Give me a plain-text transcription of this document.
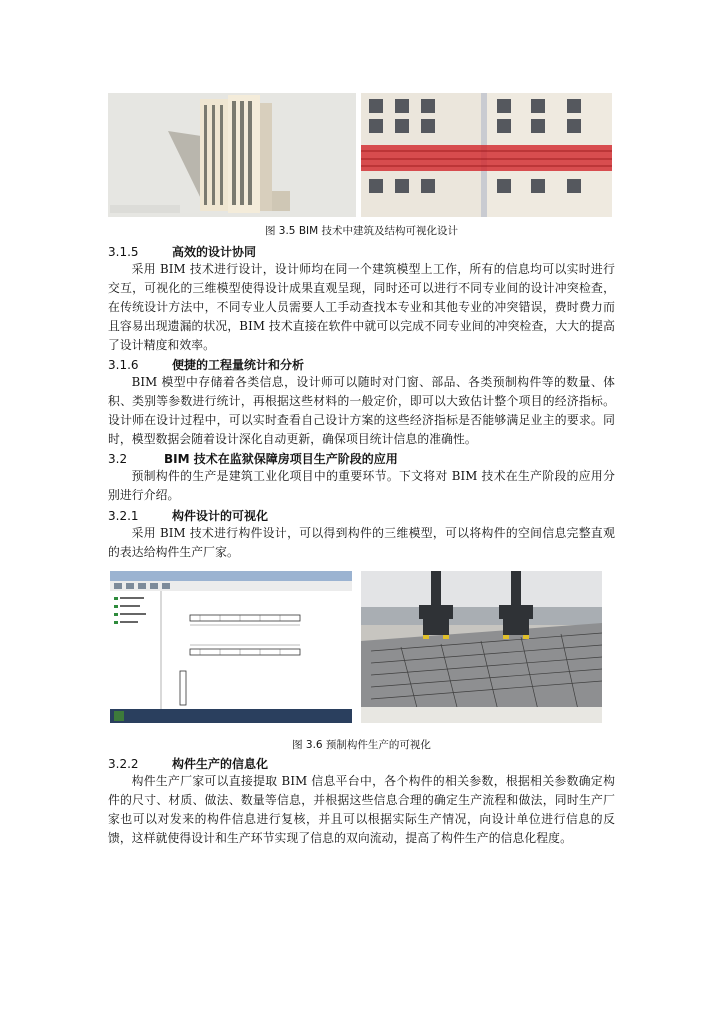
图 3.5 BIM 技术中建筑及结构可视化设计
3.1.5	高效的设计协同

采用 BIM 技术进行设计，设计师均在同一个建筑模型上工作，所有的信息均可以实时进行交互，可视化的三维模型使得设计成果直观呈现，同时还可以进行不同专业间的设计冲突检查，在传统设计方法中，不同专业人员需要人工手动查找本专业和其他专业的冲突错误，费时费力而且容易出现遗漏的状况，BIM 技术直接在软件中就可以完成不同专业间的冲突检查，大大的提高了设计精度和效率。

3.1.6	便捷的工程量统计和分析

BIM 模型中存储着各类信息，设计师可以随时对门窗、部品、各类预制构件等的数量、体积、类别等参数进行统计，再根据这些材料的一般定价，即可以大致估计整个项目的经济指标。设计师在设计过程中，可以实时查看自己设计方案的这些经济指标是否能够满足业主的要求。同时，模型数据会随着设计深化自动更新，确保项目统计信息的准确性。

3.2	BIM 技术在监狱保障房项目生产阶段的应用

预制构件的生产是建筑工业化项目中的重要环节。下文将对 BIM 技术在生产阶段的应用分别进行介绍。

3.2.1	构件设计的可视化

采用 BIM 技术进行构件设计，可以得到构件的三维模型，可以将构件的空间信息完整直观的表达给构件生产厂家。

图 3.6 预制构件生产的可视化
3.2.2	构件生产的信息化

构件生产厂家可以直接提取 BIM 信息平台中，各个构件的相关参数，根据相关参数确定构件的尺寸、材质、做法、数量等信息，并根据这些信息合理的确定生产流程和做法，同时生产厂家也可以对发来的构件信息进行复核，并且可以根据实际生产情况，向设计单位进行信息的反馈，这样就使得设计和生产环节实现了信息的双向流动，提高了构件生产的信息化程度。
